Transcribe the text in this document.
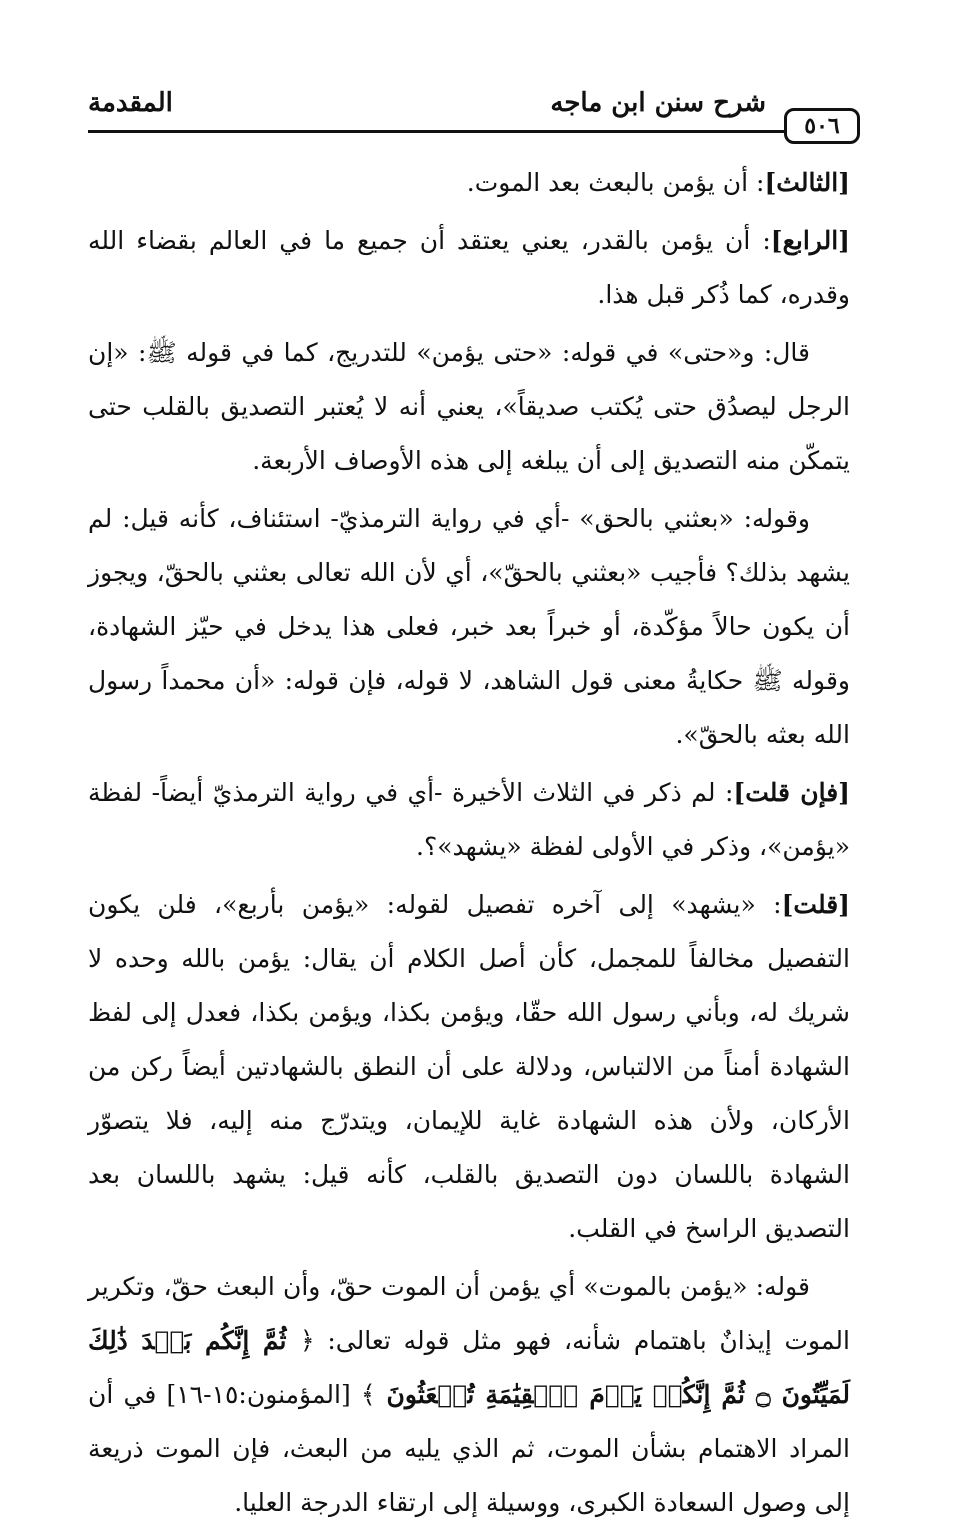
٥٠٦
شرح سنن ابن ماجه
المقدمة

[الثالث]: أن يؤمن بالبعث بعد الموت.

[الرابع]: أن يؤمن بالقدر، يعني يعتقد أن جميع ما في العالم بقضاء الله وقدره، كما ذُكر قبل هذا.

قال: و«حتى» في قوله: «حتى يؤمن» للتدريج، كما في قوله ﷺ: «إن الرجل ليصدُق حتى يُكتب صديقاً»، يعني أنه لا يُعتبر التصديق بالقلب حتى يتمكّن منه التصديق إلى أن يبلغه إلى هذه الأوصاف الأربعة.

وقوله: «بعثني بالحق» -أي في رواية الترمذيّ- استئناف، كأنه قيل: لم يشهد بذلك؟ فأجيب «بعثني بالحقّ»، أي لأن الله تعالى بعثني بالحقّ، ويجوز أن يكون حالاً مؤكّدة، أو خبراً بعد خبر، فعلى هذا يدخل في حيّز الشهادة، وقوله ﷺ حكايةُ معنى قول الشاهد، لا قوله، فإن قوله: «أن محمداً رسول الله بعثه بالحقّ».

[فإن قلت]: لم ذكر في الثلاث الأخيرة -أي في رواية الترمذيّ أيضاً- لفظة «يؤمن»، وذكر في الأولى لفظة «يشهد»؟.

[قلت]: «يشهد» إلى آخره تفصيل لقوله: «يؤمن بأربع»، فلن يكون التفصيل مخالفاً للمجمل، كأن أصل الكلام أن يقال: يؤمن بالله وحده لا شريك له، وبأني رسول الله حقّا، ويؤمن بكذا، ويؤمن بكذا، فعدل إلى لفظ الشهادة أمناً من الالتباس، ودلالة على أن النطق بالشهادتين أيضاً ركن من الأركان، ولأن هذه الشهادة غاية للإيمان، ويتدرّج منه إليه، فلا يتصوّر الشهادة باللسان دون التصديق بالقلب، كأنه قيل: يشهد باللسان بعد التصديق الراسخ في القلب.

قوله: «يؤمن بالموت» أي يؤمن أن الموت حقّ، وأن البعث حقّ، وتكرير الموت إيذانٌ باهتمام شأنه، فهو مثل قوله تعالى: ﴿ ثُمَّ إِنَّكُم بَعۡدَ ذَٰلِكَ لَمَيِّتُونَ ۝ ثُمَّ إِنَّكُمۡ يَوۡمَ ٱلۡقِيَٰمَةِ تُبۡعَثُونَ ﴾ [المؤمنون:١٥-١٦] في أن المراد الاهتمام بشأن الموت، ثم الذي يليه من البعث، فإن الموت ذريعة إلى وصول السعادة الكبرى، ووسيلة إلى ارتقاء الدرجة العليا.
